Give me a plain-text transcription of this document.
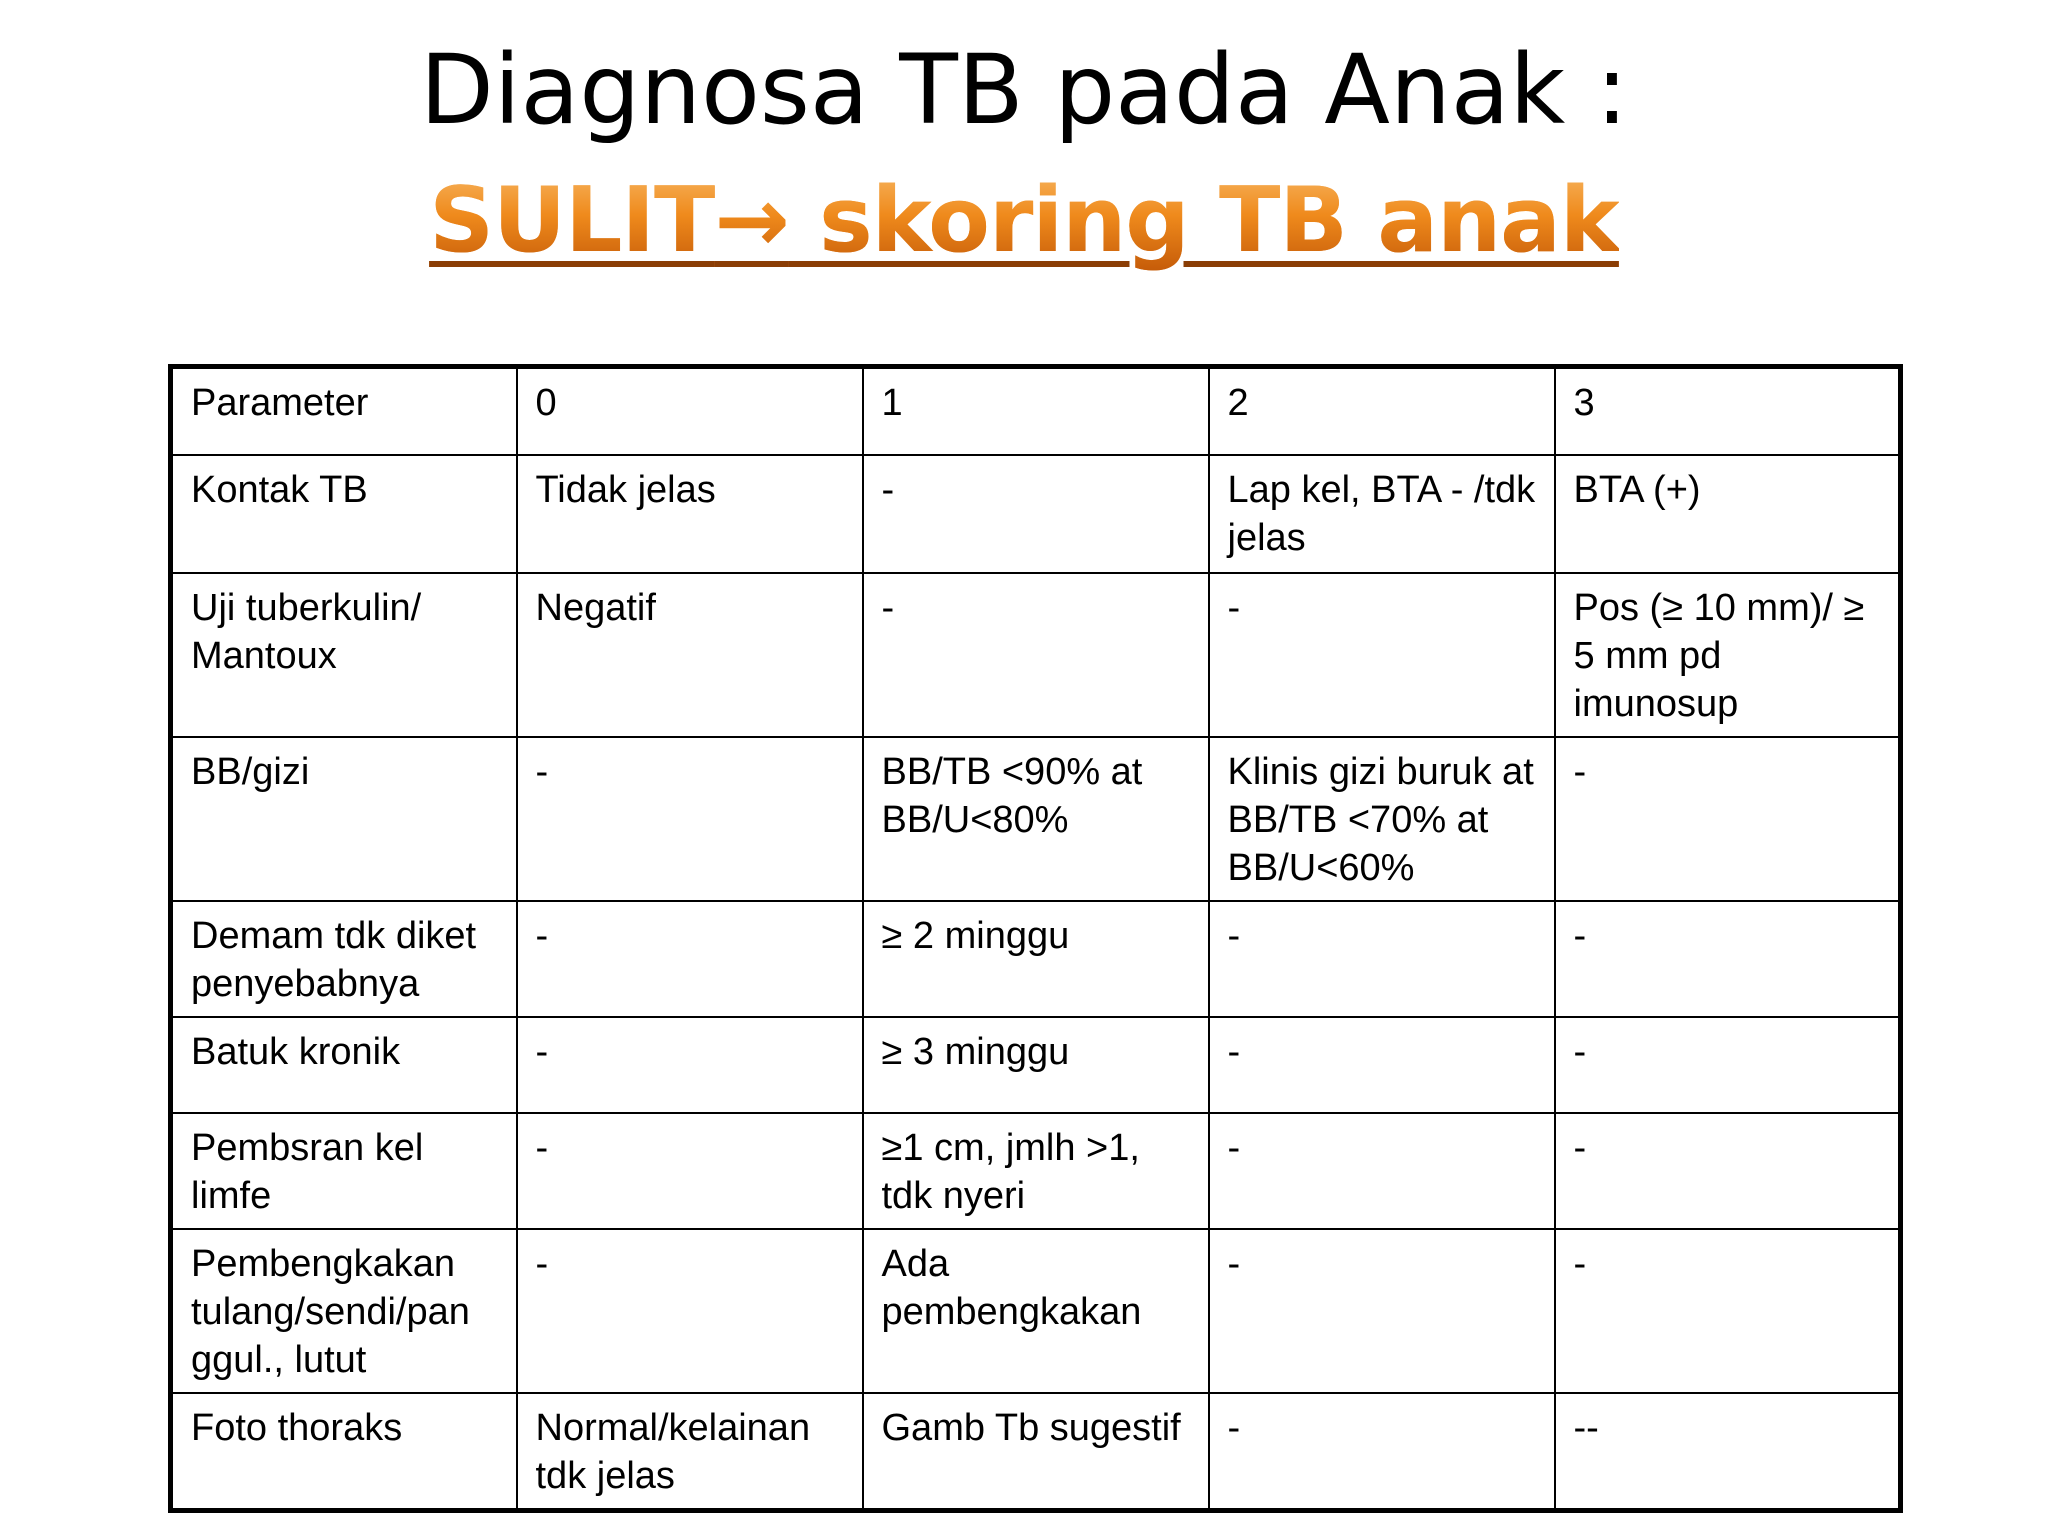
Diagnosa TB pada Anak :
SULIT→ skoring TB anak
Parameter	0	1	2	3
Kontak TB	Tidak jelas	-	Lap kel, BTA - /tdk jelas	BTA (+)
Uji tuberkulin/ Mantoux	Negatif	-	-	Pos (≥ 10 mm)/ ≥ 5 mm pd imunosup
BB/gizi	-	BB/TB <90% at BB/U<80%	Klinis gizi buruk at BB/TB <70% at BB/U<60%	-
Demam tdk diket penyebabnya	-	≥ 2 minggu	-	-
Batuk kronik	-	≥ 3 minggu	-	-
Pembsran kel limfe	-	≥1 cm, jmlh >1, tdk nyeri	-	-
Pembengkakan tulang/sendi/pan ggul., lutut	-	Ada pembengkakan	-	-
Foto thoraks	Normal/kelainan tdk jelas	Gamb Tb sugestif	-	--
